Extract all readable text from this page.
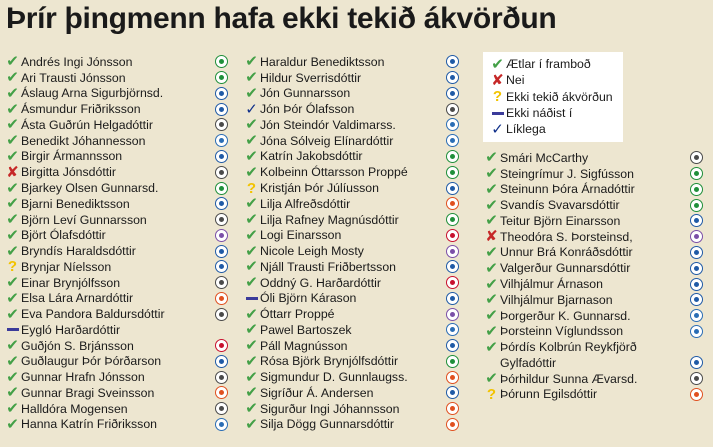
Þrír þingmenn hafa ekki tekið ákvörðun
✔ Andrés Ingi Jónsson
✔ Ari Trausti Jónsson
✔ Áslaug Arna Sigurbjörnsd.
✔ Ásmundur Friðriksson
✔ Ásta Guðrún Helgadóttir
✔ Benedikt Jóhannesson
✔ Birgir Ármannsson
✘ Birgitta Jónsdóttir
✔ Bjarkey Olsen Gunnarsd.
✔ Bjarni Benediktsson
✔ Björn Leví Gunnarsson
✔ Björt Ólafsdóttir
✔ Bryndís Haraldsdóttir
? Brynjar Níelsson
✔ Einar Brynjólfsson
✔ Elsa Lára Arnardóttir
✔ Eva Pandora Baldursdóttir
Eygló Harðardóttir
✔ Guðjón S. Brjánsson
✔ Guðlaugur Þór Þórðarson
✔ Gunnar Hrafn Jónsson
✔ Gunnar Bragi Sveinsson
✔ Halldóra Mogensen
✔ Hanna Katrín Friðriksson
✔ Haraldur Benediktsson
✔ Hildur Sverrisdóttir
✔ Jón Gunnarsson
✓ Jón Þór Ólafsson
✔ Jón Steindór Valdimarss.
✔ Jóna Sólveig Elínardóttir
✔ Katrín Jakobsdóttir
✔ Kolbeinn Óttarsson Proppé
? Kristján Þór Júlíusson
✔ Lilja Alfreðsdóttir
✔ Lilja Rafney Magnúsdóttir
✔ Logi Einarsson
✔ Nicole Leigh Mosty
✔ Njáll Trausti Friðbertsson
✔ Oddný G. Harðardóttir
Óli Björn Kárason
✔ Óttarr Proppé
✔ Pawel Bartoszek
✔ Páll Magnússon
✔ Rósa Björk Brynjólfsdóttir
✔ Sigmundur D. Gunnlaugss.
✔ Sigríður Á. Andersen
✔ Sigurður Ingi Jóhannsson
✔ Silja Dögg Gunnarsdóttir
✔ Ætlar í framboð
✘ Nei
? Ekki tekið ákvörðun
Ekki náðist í
✓ Líklega
✔ Smári McCarthy
✔ Steingrímur J. Sigfússon
✔ Steinunn Þóra Árnadóttir
✔ Svandís Svavarsdóttir
✔ Teitur Björn Einarsson
✘ Theodóra S. Þorsteinsd,
✔ Unnur Brá Konráðsdóttir
✔ Valgerður Gunnarsdóttir
✔ Vilhjálmur Árnason
✔ Vilhjálmur Bjarnason
✔ Þorgerður K. Gunnarsd.
✔ Þorsteinn Víglundsson
✔ Þórdís Kolbrún Reykfjörð
Gylfadóttir
✔ Þórhildur Sunna Ævarsd.
? Þórunn Egilsdóttir
